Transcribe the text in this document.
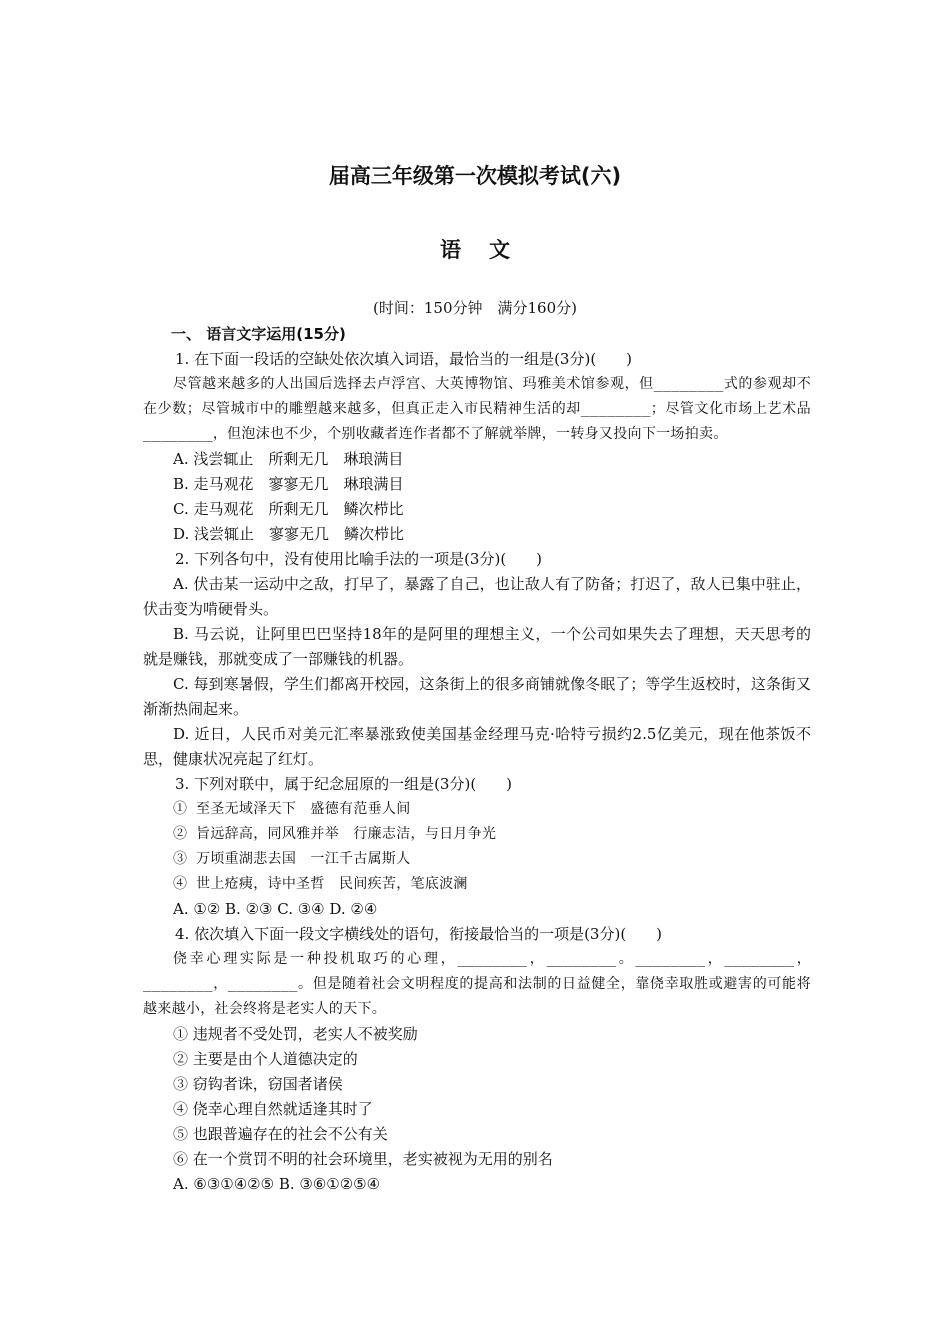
届高三年级第一次模拟考试(六)
语文
(时间：150分钟　满分160分)
一、 语言文字运用(15分)
1. 在下面一段话的空缺处依次填入词语，最恰当的一组是(3分)(　　)
尽管越来越多的人出国后选择去卢浮宫、大英博物馆、玛雅美术馆参观，但________式的参观却不在少数；尽管城市中的雕塑越来越多，但真正走入市民精神生活的却________；尽管文化市场上艺术品________，但泡沫也不少，个别收藏者连作者都不了解就举牌，一转身又投向下一场拍卖。
A. 浅尝辄止　所剩无几　琳琅满目
B. 走马观花　寥寥无几　琳琅满目
C. 走马观花　所剩无几　鳞次栉比
D. 浅尝辄止　寥寥无几　鳞次栉比
2. 下列各句中，没有使用比喻手法的一项是(3分)(　　)
A. 伏击某一运动中之敌，打早了，暴露了自己，也让敌人有了防备；打迟了，敌人已集中驻止，伏击变为啃硬骨头。
B. 马云说，让阿里巴巴坚持18年的是阿里的理想主义，一个公司如果失去了理想，天天思考的就是赚钱，那就变成了一部赚钱的机器。
C. 每到寒暑假，学生们都离开校园，这条街上的很多商铺就像冬眠了；等学生返校时，这条街又渐渐热闹起来。
D. 近日，人民币对美元汇率暴涨致使美国基金经理马克·哈特亏损约2.5亿美元，现在他茶饭不思，健康状况亮起了红灯。
3. 下列对联中，属于纪念屈原的一组是(3分)(　　)
① 至圣无域泽天下　盛德有范垂人间
② 旨远辞高，同风雅并举　行廉志洁，与日月争光
③ 万顷重湖悲去国　一江千古属斯人
④ 世上疮痍，诗中圣哲　民间疾苦，笔底波澜
A. ①② B. ②③ C. ③④ D. ②④
4. 依次填入下面一段文字横线处的语句，衔接最恰当的一项是(3分)(　　)
侥幸心理实际是一种投机取巧的心理，________，________。________，________，________，________。但是随着社会文明程度的提高和法制的日益健全，靠侥幸取胜或避害的可能将越来越小，社会终将是老实人的天下。
① 违规者不受处罚，老实人不被奖励
② 主要是由个人道德决定的
③ 窃钩者诛，窃国者诸侯
④ 侥幸心理自然就适逢其时了
⑤ 也跟普遍存在的社会不公有关
⑥ 在一个赏罚不明的社会环境里，老实被视为无用的别名
A. ⑥③①④②⑤ B. ③⑥①②⑤④
